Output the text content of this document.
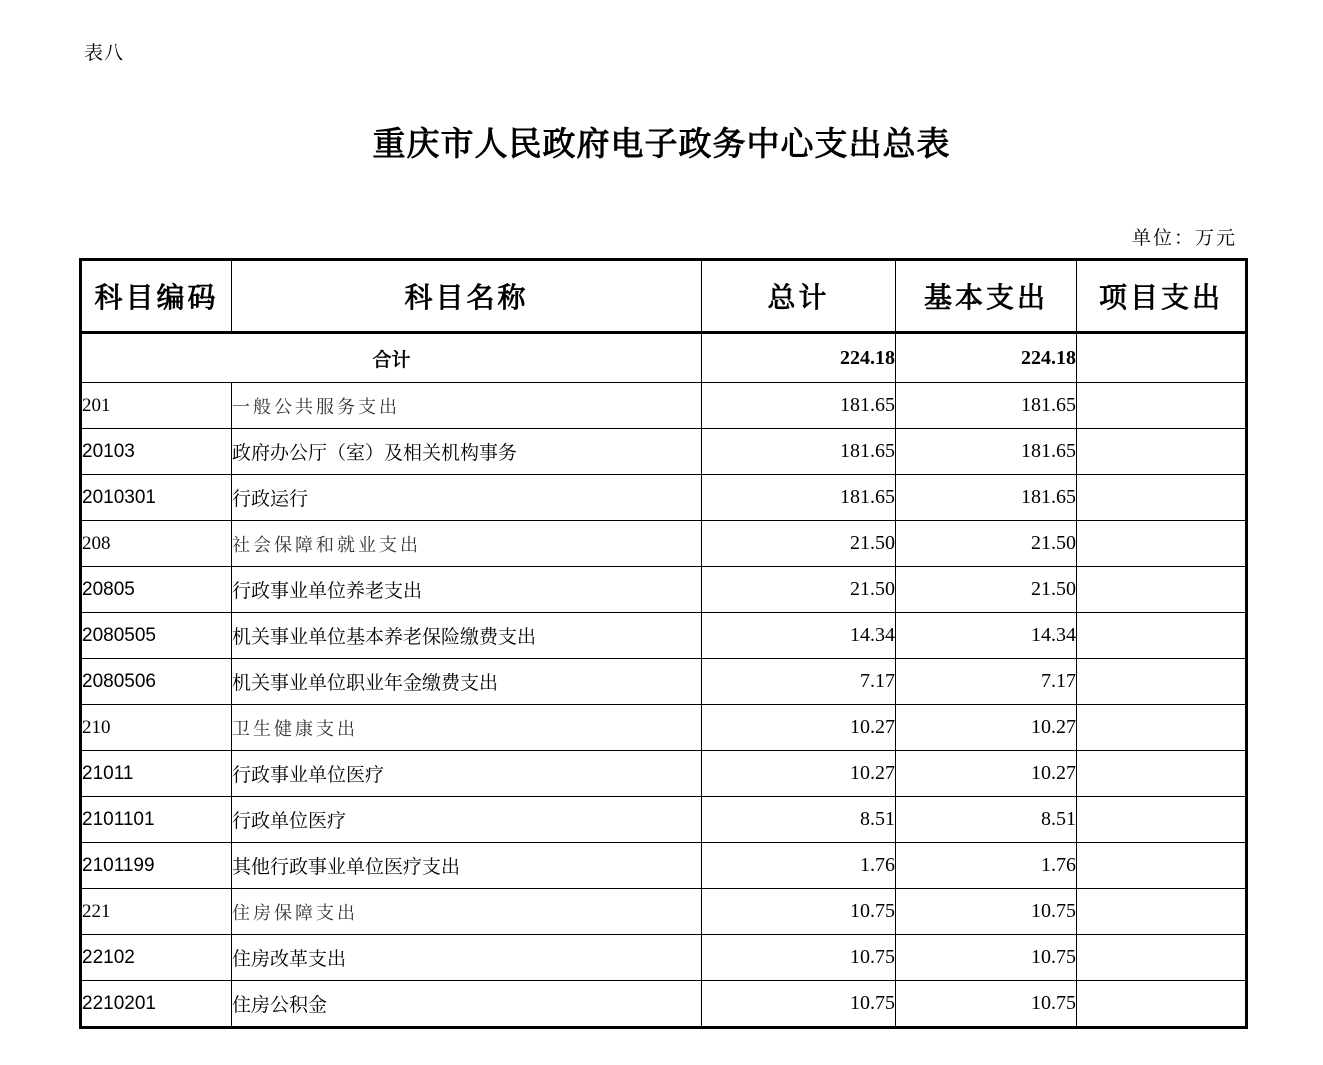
表八
重庆市人民政府电子政务中心支出总表
单位：万元
科目编码	科目名称	总计	基本支出	项目支出
合计		224.18	224.18	
201	一般公共服务支出	181.65	181.65	
20103	政府办公厅（室）及相关机构事务	181.65	181.65	
2010301	行政运行	181.65	181.65	
208	社会保障和就业支出	21.50	21.50	
20805	行政事业单位养老支出	21.50	21.50	
2080505	机关事业单位基本养老保险缴费支出	14.34	14.34	
2080506	机关事业单位职业年金缴费支出	7.17	7.17	
210	卫生健康支出	10.27	10.27	
21011	行政事业单位医疗	10.27	10.27	
2101101	行政单位医疗	8.51	8.51	
2101199	其他行政事业单位医疗支出	1.76	1.76	
221	住房保障支出	10.75	10.75	
22102	住房改革支出	10.75	10.75	
2210201	住房公积金	10.75	10.75	
